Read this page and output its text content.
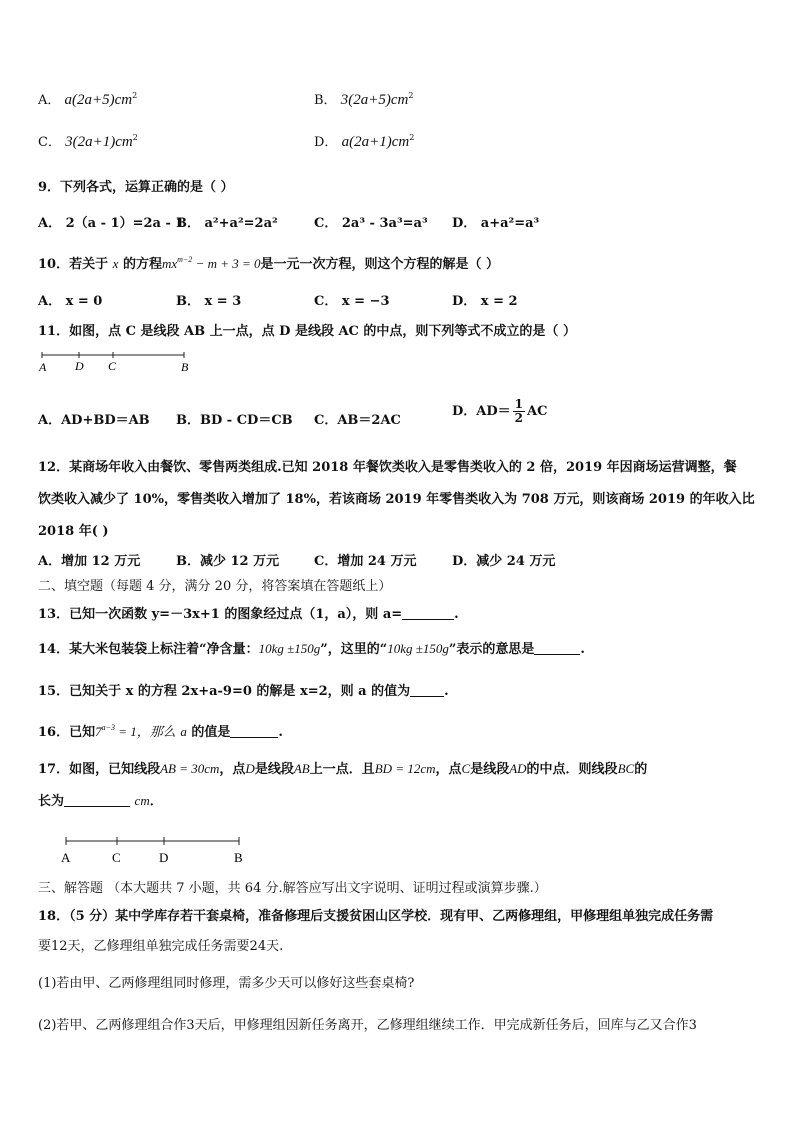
A． $a(2a+5)cm^2$	B． $3(2a+5)cm^2$
C． $3(2a+1)cm^2$	D． $a(2a+1)cm^2$
9．下列各式，运算正确的是（ ）
A． 2（a - 1）=2a - 1
B． a²+a²=2a²	C． 2a³ - 3a³=a³ D． a+a²=a³
10．若关于 x 的方程$mx^{m-2} - m + 3 = 0$是一元一次方程，则这个方程的解是（ ）
A． x = 0	B． x = 3	C． x = −3	D． x = 2
11．如图，点 C 是线段 AB 上一点，点 D 是线段 AC 的中点，则下列等式不成立的是（ ）
A D C	B
A．AD+BD＝AB B．BD - CD＝CB C．AB＝2AC
D．$AD= \frac{1}{2}$ AC
12．某商场年收入由餐饮、零售两类组成.已知 2018 年餐饮类收入是零售类收入的 2 倍，2019 年因商场运营调整，餐
饮类收入减少了 10%，零售类收入增加了 18%，若该商场 2019 年零售类收入为 708 万元，则该商场 2019 的年收入比
2018 年( )
A．增加 12 万元	B．减少 12 万元	C．增加 24 万元	D．减少 24 万元
二、填空题（每题 4 分，满分 20 分，将答案填在答题纸上）
13．已知一次函数 y=－3x+1 的图象经过点（1，a），则 a=	.
14．某大米包装袋上标注着“净含量：10kg ±150g”，这里的“10kg ±150g”表示的意思是	.
15．已知关于 x 的方程 2x+a-9=0 的解是 x=2，则 a 的值为	.
16．已知$7^{a-3} = 1$，那么 a 的值是	.
17．如图，已知线段AB = 30cm，点D是线段AB上一点．且BD = 12cm，点C是线段AD的中点．则线段BC的
长为	cm．
A	C	D	B
三、解答题 （本大题共 7 小题，共 64 分.解答应写出文字说明、证明过程或演算步骤.）
18．（5 分）某中学库存若干套桌椅，准备修理后支援贫困山区学校．现有甲、乙两修理组，甲修理组单独完成任务需
要12天，乙修理组单独完成任务需要24天.
(1)若由甲、乙两修理组同时修理，需多少天可以修好这些套桌椅?
(2)若甲、乙两修理组合作3天后，甲修理组因新任务离开，乙修理组继续工作．甲完成新任务后，回库与乙又合作3
